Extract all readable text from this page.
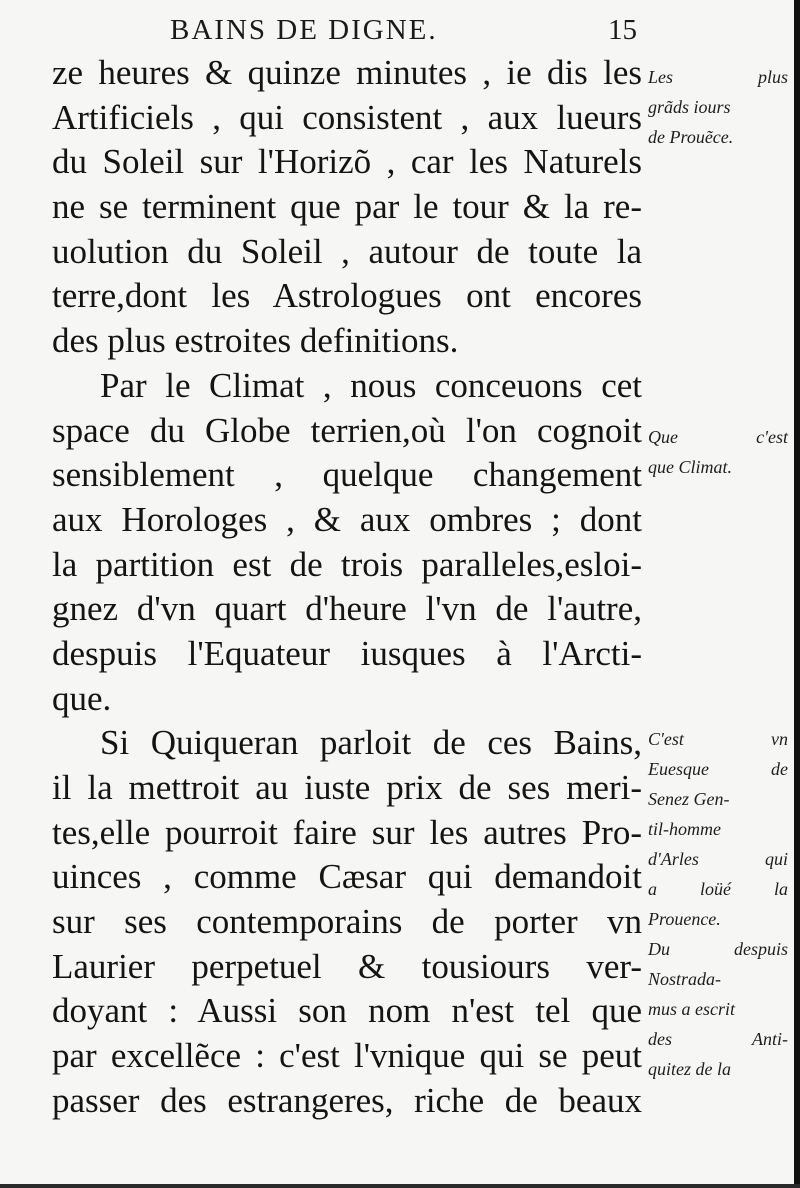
BAINS DE DIGNE.	15
ze heures & quinze minutes , ie dis les
Artificiels , qui consistent , aux lueurs
du Soleil sur l'Horizõ , car les Naturels
ne se terminent que par le tour & la re-
uolution du Soleil , autour de toute la
terre,dont les Astrologues ont encores
des plus estroites definitions.
Par le Climat , nous conceuons cet
space du Globe terrien,où l'on cognoit
sensiblement , quelque changement
aux Horologes , & aux ombres ; dont
la partition est de trois paralleles,esloi-
gnez d'vn quart d'heure l'vn de l'autre,
despuis l'Equateur iusques à l'Arcti-
que.
Si Quiqueran parloit de ces Bains,
il la mettroit au iuste prix de ses meri-
tes,elle pourroit faire sur les autres Pro-
uinces , comme Cæsar qui demandoit
sur ses contemporains de porter vn
Laurier perpetuel & tousiours ver-
doyant : Aussi son nom n'est tel que
par excellẽce : c'est l'vnique qui se peut
passer des estrangeres, riche de beaux
Les plus
grãds iours
de Prouẽce.
Que c'est
que Climat.
C'est vn
Euesque de
Senez Gen-
til-homme
d'Arles qui
a loüé la
Prouence.
Du despuis
Nostrada-
mus a escrit
des Anti-
quitez de la
